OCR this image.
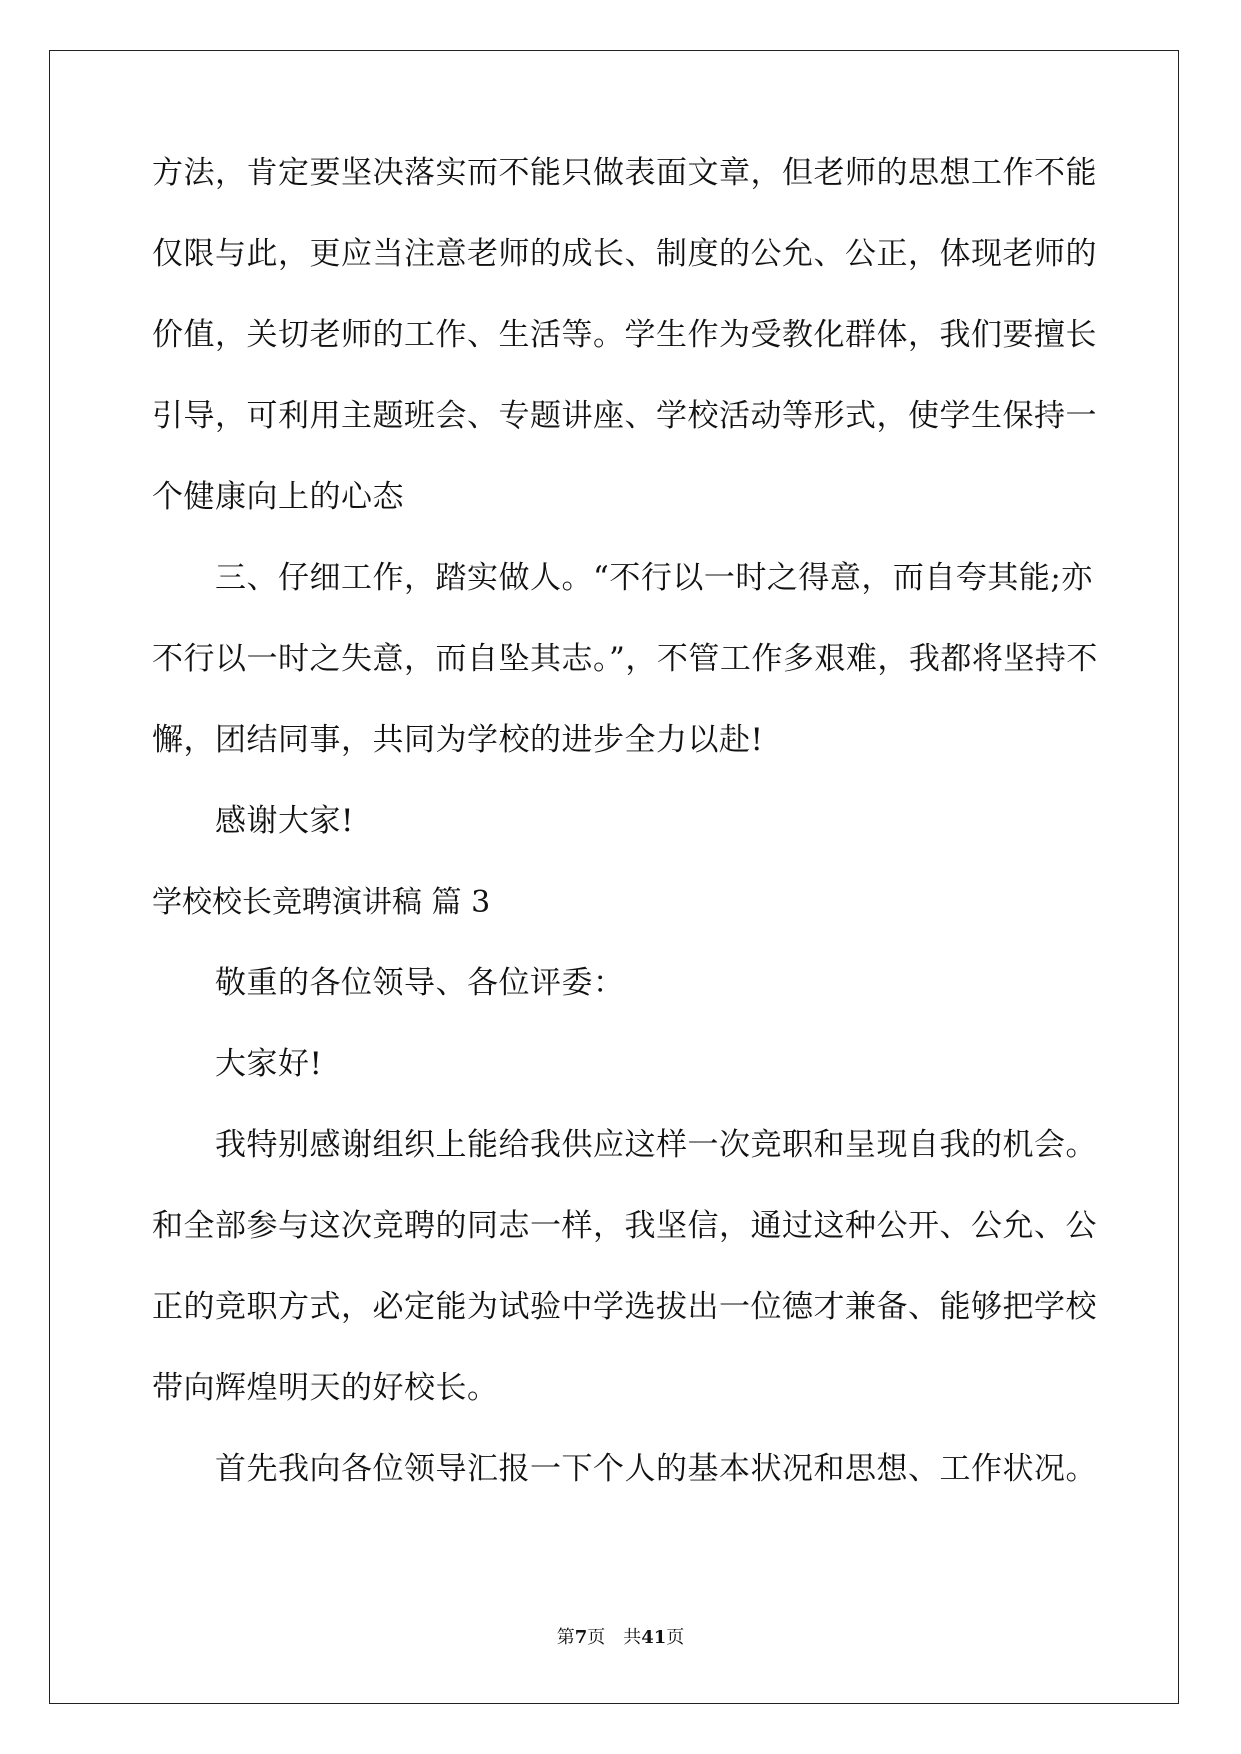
方法，肯定要坚决落实而不能只做表面文章，但老师的思想工作不能
仅限与此，更应当注意老师的成长、制度的公允、公正，体现老师的
价值，关切老师的工作、生活等。学生作为受教化群体，我们要擅长
引导，可利用主题班会、专题讲座、学校活动等形式，使学生保持一
个健康向上的心态
三、仔细工作，踏实做人。“不行以一时之得意，而自夸其能;亦
不行以一时之失意，而自坠其志。”，不管工作多艰难，我都将坚持不
懈，团结同事，共同为学校的进步全力以赴!
感谢大家!
学校校长竞聘演讲稿 篇 3
敬重的各位领导、各位评委：
大家好!
我特别感谢组织上能给我供应这样一次竞职和呈现自我的机会。
和全部参与这次竞聘的同志一样，我坚信，通过这种公开、公允、公
正的竞职方式，必定能为试验中学选拔出一位德才兼备、能够把学校
带向辉煌明天的好校长。
首先我向各位领导汇报一下个人的基本状况和思想、工作状况。
第7页 共41页
